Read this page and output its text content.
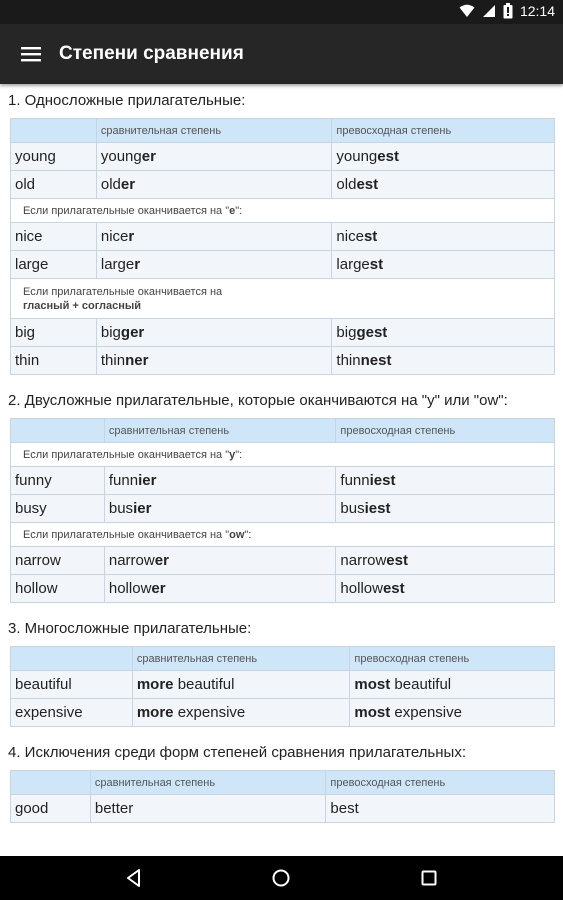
12:14
Степени сравнения
1. Односложные прилагательные:
	сравнительная степень	превосходная степень
young	younger	youngest
old	older	oldest
Если прилагательные оканчивается на "e":		
nice	nicer	nicest
large	larger	largest
Если прилагательные оканчивается на
гласный + согласный		
big	bigger	biggest
thin	thinner	thinnest
2. Двусложные прилагательные, которые оканчиваются на "y" или "ow":
	сравнительная степень	превосходная степень
Если прилагательные оканчивается на "y":		
funny	funnier	funniest
busy	busier	busiest
Если прилагательные оканчивается на "ow":		
narrow	narrower	narrowest
hollow	hollower	hollowest
3. Многосложные прилагательные:
	сравнительная степень	превосходная степень
beautiful	more beautiful	most beautiful
expensive	more expensive	most expensive
4. Исключения среди форм степеней сравнения прилагательных:
	сравнительная степень	превосходная степень
good	better	best
